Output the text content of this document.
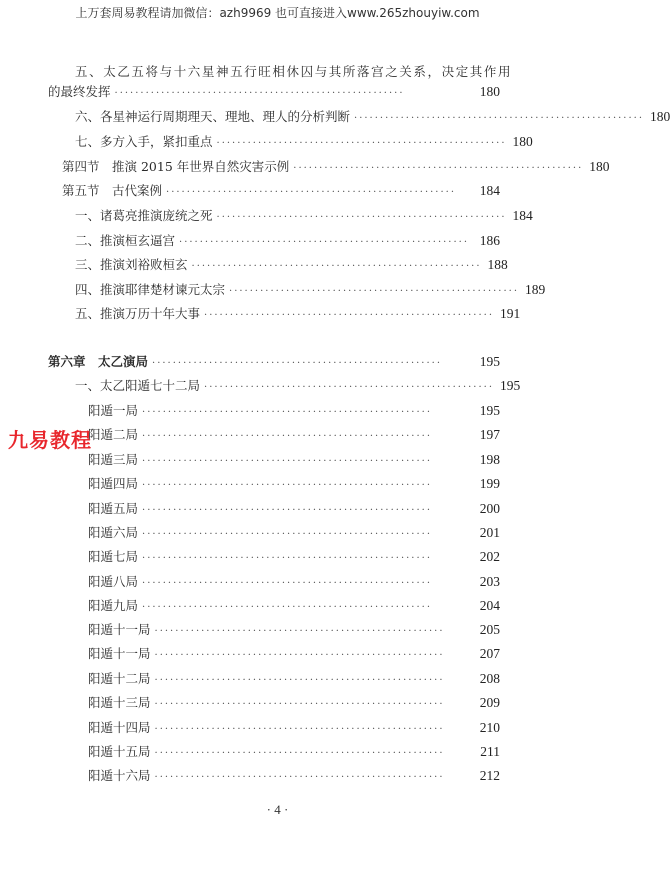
上万套周易教程请加微信：azh9969 也可直接进入www.265zhouyiw.com
五、太乙五将与十六星神五行旺相休囚与其所落宫之关系，决定其作用
的最终发挥 ························································	180
六、各星神运行周期理天、理地、理人的分析判断 ························································ 180
七、多方入手，紧扣重点 ························································ 180
第四节　推演 2015 年世界自然灾害示例 ························································ 180
第五节　古代案例 ························································	184
一、诸葛亮推演庞统之死 ························································ 184
二、推演桓玄逼宫 ························································ 186
三、推演刘裕败桓玄 ························································ 188
四、推演耶律楚材谏元太宗 ························································ 189
五、推演万历十年大事 ························································ 191
第六章　太乙演局 ························································	195
一、太乙阳遁七十二局 ························································ 195
阳遁一局 ························································	195
阳遁二局 ························································	197
阳遁三局 ························································	198
阳遁四局 ························································	199
阳遁五局 ························································	200
阳遁六局 ························································	201
阳遁七局 ························································	202
阳遁八局 ························································	203
阳遁九局 ························································	204
阳遁十一局 ························································	205
阳遁十一局 ························································	207
阳遁十二局 ························································	208
阳遁十三局 ························································	209
阳遁十四局 ························································	210
阳遁十五局 ························································	211
阳遁十六局 ························································	212
九易教程
· 4 ·
